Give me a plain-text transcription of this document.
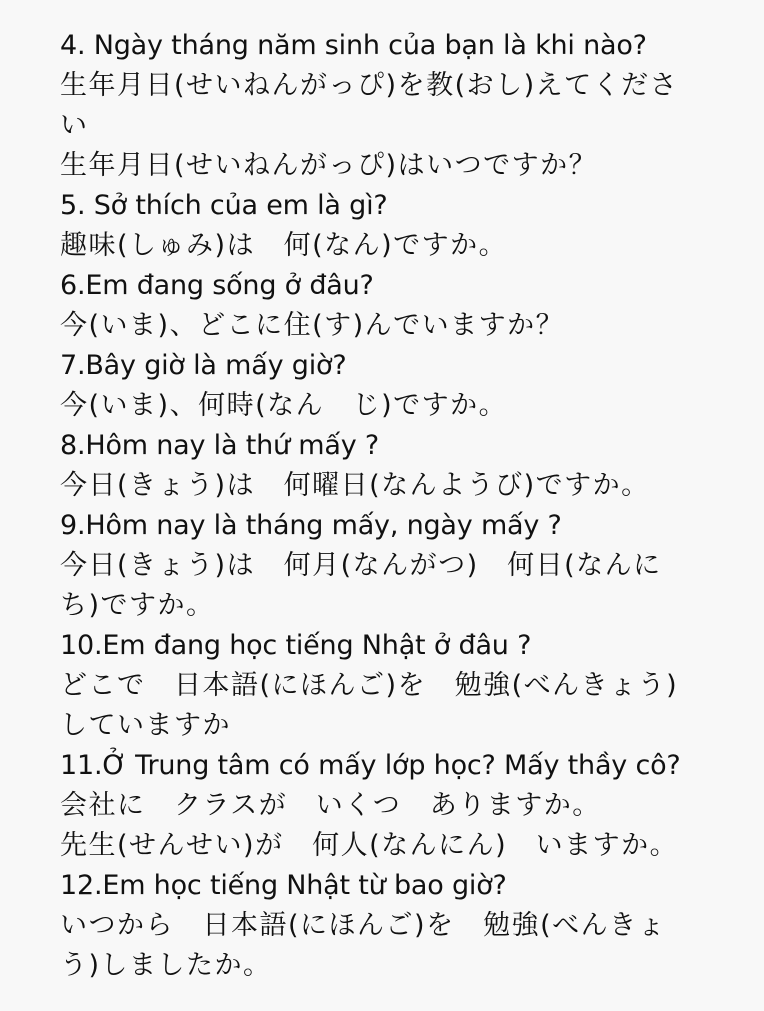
4. Ngày tháng năm sinh của bạn là khi nào?
生年月日(せいねんがっぴ)を教(おし)えてくださ
い
生年月日(せいねんがっぴ)はいつですか？
5. Sở thích của em là gì?
趣味(しゅみ)は　何(なん)ですか。
6.Em đang sống ở đâu?
今(いま)、どこに住(す)んでいますか？
7.Bây giờ là mấy giờ?
今(いま)、何時(なん　じ)ですか。
8.Hôm nay là thứ mấy ?
今日(きょう)は　何曜日(なんようび)ですか。
9.Hôm nay là tháng mấy, ngày mấy ?
今日(きょう)は　何月(なんがつ)　何日(なんに
ち)ですか。
10.Em đang học tiếng Nhật ở đâu ?
どこで　日本語(にほんご)を　勉強(べんきょう)
していますか
11.Ở Trung tâm có mấy lớp học? Mấy thầy cô?
会社に　クラスが　いくつ　ありますか。
先生(せんせい)が　何人(なんにん)　いますか。
12.Em học tiếng Nhật từ bao giờ?
いつから　日本語(にほんご)を　勉強(べんきょ
う)しましたか。
